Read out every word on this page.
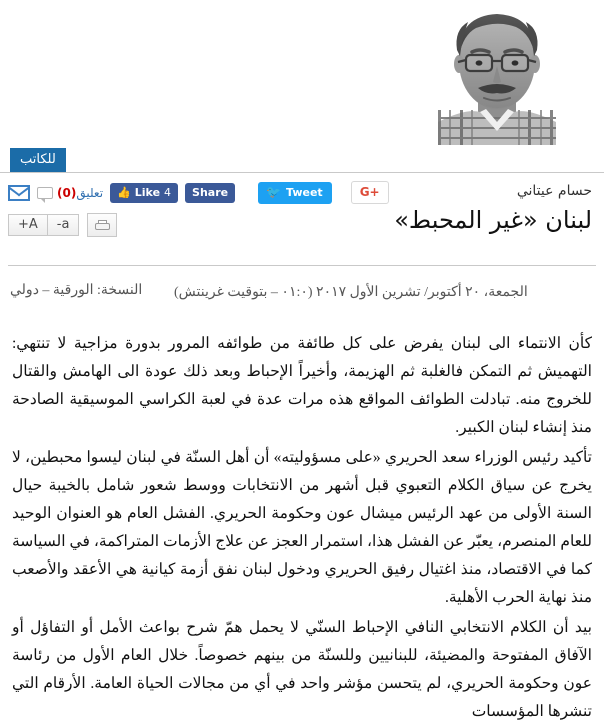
للكاتب
تعليق(0)	👍 Like 4	Share	🐦 Tweet	G+
+A	-a
حسام عيتاني
لبنان «غير المحبط»
النسخة: الورقية – دولي الجمعة، ٢٠ أكتوبر/ تشرين الأول ٢٠١٧ (٠١:٠ – بتوقيت غرينتش)

كأن الانتماء الى لبنان يفرض على كل طائفة من طوائفه المرور بدورة مزاجية لا تنتهي: التهميش ثم التمكن فالغلبة ثم الهزيمة، وأخيراً الإحباط وبعد ذلك عودة الى الهامش والقتال للخروج منه. تبادلت الطوائف المواقع هذه مرات عدة في لعبة الكراسي الموسيقية الصادحة منذ إنشاء لبنان الكبير.

تأكيد رئيس الوزراء سعد الحريري «على مسؤوليته» أن أهل السنّة في لبنان ليسوا محبطين، لا يخرج عن سياق الكلام التعبوي قبل أشهر من الانتخابات ووسط شعور شامل بالخيبة حيال السنة الأولى من عهد الرئيس ميشال عون وحكومة الحريري. الفشل العام هو العنوان الوحيد للعام المنصرم، يعبّر عن الفشل هذا، استمرار العجز عن علاج الأزمات المتراكمة، في السياسة كما في الاقتصاد، منذ اغتيال رفيق الحريري ودخول لبنان نفق أزمة كيانية هي الأعقد والأصعب منذ نهاية الحرب الأهلية.

بيد أن الكلام الانتخابي النافي الإحباط السنّي لا يحمل همّ شرح بواعث الأمل أو التفاؤل أو الآفاق المفتوحة والمضيئة، للبنانيين وللسنّة من بينهم خصوصاً. خلال العام الأول من رئاسة عون وحكومة الحريري، لم يتحسن مؤشر واحد في أي من مجالات الحياة العامة. الأرقام التي تنشرها المؤسسات
